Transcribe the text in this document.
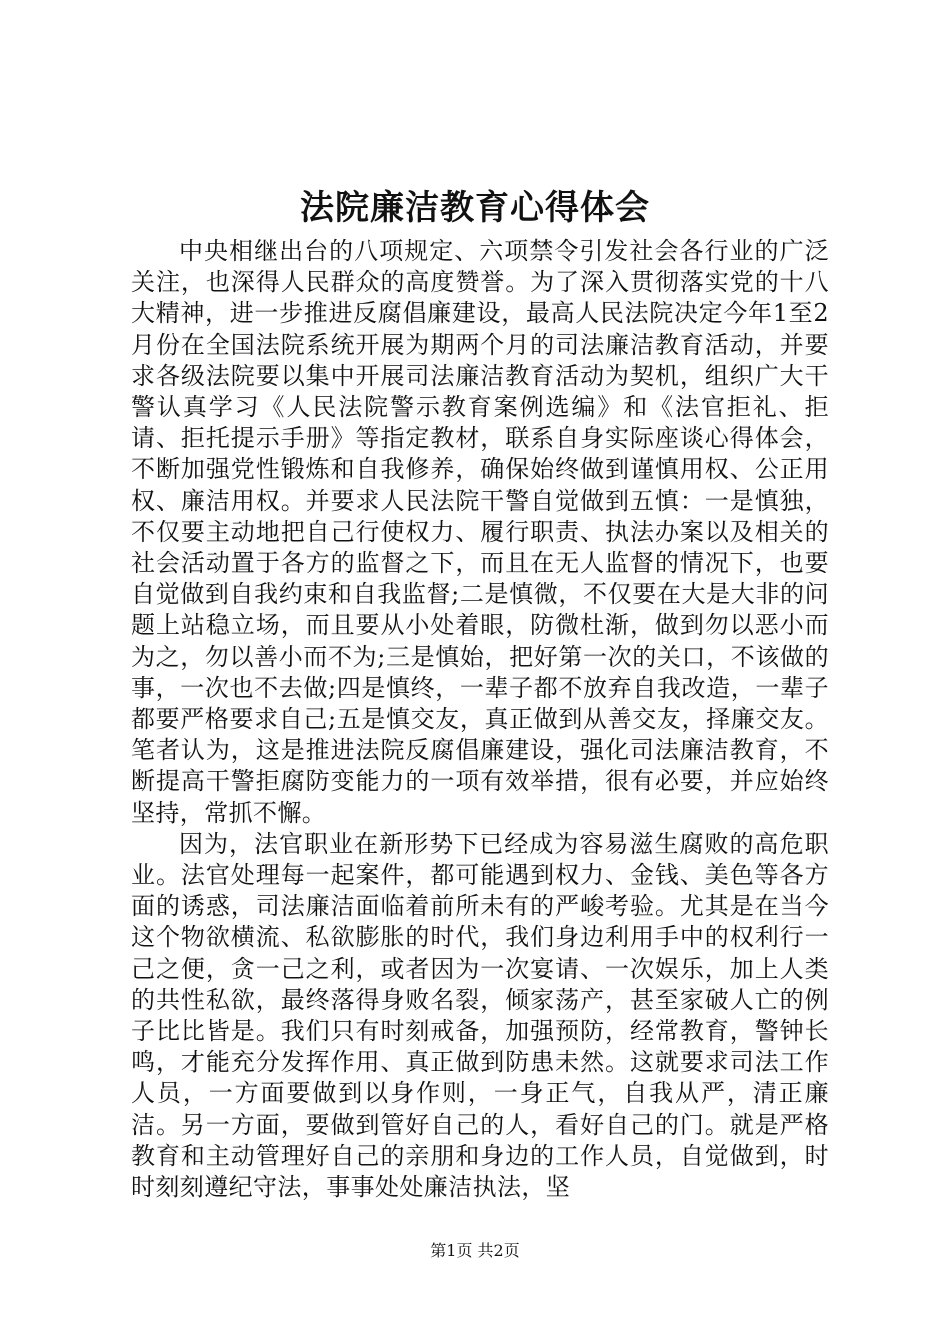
法院廉洁教育心得体会

中央相继出台的八项规定、六项禁令引发社会各行业的广泛关注，也深得人民群众的高度赞誉。为了深入贯彻落实党的十八大精神，进一步推进反腐倡廉建设，最高人民法院决定今年1至2月份在全国法院系统开展为期两个月的司法廉洁教育活动，并要求各级法院要以集中开展司法廉洁教育活动为契机，组织广大干警认真学习《人民法院警示教育案例选编》和《法官拒礼、拒请、拒托提示手册》等指定教材，联系自身实际座谈心得体会，不断加强党性锻炼和自我修养，确保始终做到谨慎用权、公正用权、廉洁用权。并要求人民法院干警自觉做到五慎：一是慎独，不仅要主动地把自己行使权力、履行职责、执法办案以及相关的社会活动置于各方的监督之下，而且在无人监督的情况下，也要自觉做到自我约束和自我监督;二是慎微，不仅要在大是大非的问题上站稳立场，而且要从小处着眼，防微杜渐，做到勿以恶小而为之，勿以善小而不为;三是慎始，把好第一次的关口，不该做的事，一次也不去做;四是慎终，一辈子都不放弃自我改造，一辈子都要严格要求自己;五是慎交友，真正做到从善交友，择廉交友。笔者认为，这是推进法院反腐倡廉建设，强化司法廉洁教育，不断提高干警拒腐防变能力的一项有效举措，很有必要，并应始终坚持，常抓不懈。

因为，法官职业在新形势下已经成为容易滋生腐败的高危职业。法官处理每一起案件，都可能遇到权力、金钱、美色等各方面的诱惑，司法廉洁面临着前所未有的严峻考验。尤其是在当今这个物欲横流、私欲膨胀的时代，我们身边利用手中的权利行一己之便，贪一己之利，或者因为一次宴请、一次娱乐，加上人类的共性私欲，最终落得身败名裂，倾家荡产，甚至家破人亡的例子比比皆是。我们只有时刻戒备，加强预防，经常教育，警钟长鸣，才能充分发挥作用、真正做到防患未然。这就要求司法工作人员，一方面要做到以身作则，一身正气，自我从严，清正廉洁。另一方面，要做到管好自己的人，看好自己的门。就是严格教育和主动管理好自己的亲朋和身边的工作人员，自觉做到，时时刻刻遵纪守法，事事处处廉洁执法，坚

第1页 共2页
